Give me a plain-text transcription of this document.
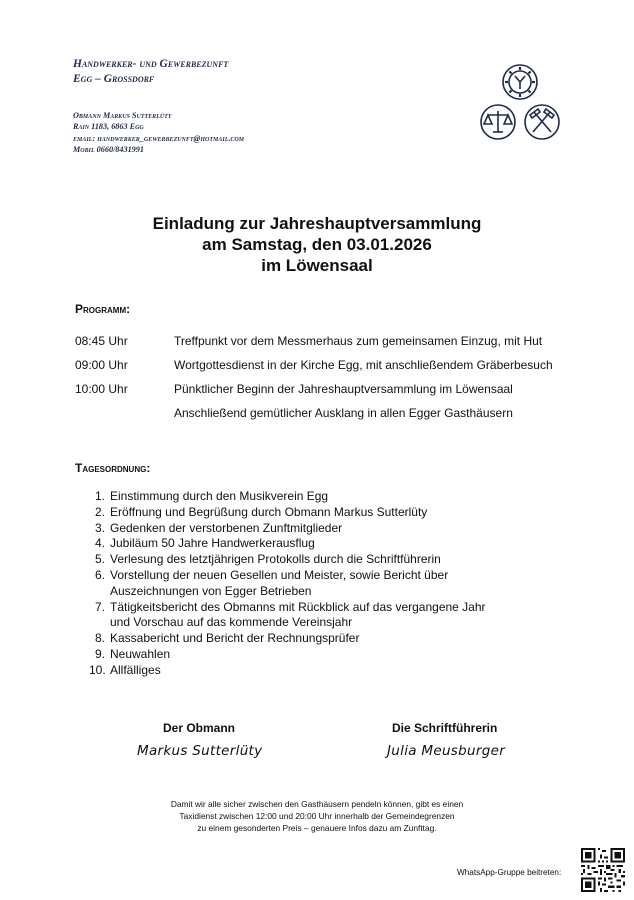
Handwerker- und Gewerbezunft
Egg – Großdorf
Obmann Markus Sutterlüty
Rain 1183, 6863 Egg
email: handwerker_gewerbezunft@hotmail.com
Mobil 0660/8431991
Einladung zur Jahreshauptversammlung
am Samstag, den 03.01.2026
im Löwensaal
Programm:
08:45 Uhr	Treffpunkt vor dem Messmerhaus zum gemeinsamen Einzug, mit Hut
09:00 Uhr	Wortgottesdienst in der Kirche Egg, mit anschließendem Gräberbesuch
10:00 Uhr	Pünktlicher Beginn der Jahreshauptversammlung im Löwensaal
Anschließend gemütlicher Ausklang in allen Egger Gasthäusern
Tagesordnung:
1. Einstimmung durch den Musikverein Egg
2. Eröffnung und Begrüßung durch Obmann Markus Sutterlüty
3. Gedenken der verstorbenen Zunftmitglieder
4. Jubiläum 50 Jahre Handwerkerausflug
5. Verlesung des letztjährigen Protokolls durch die Schriftführerin
6. Vorstellung der neuen Gesellen und Meister, sowie Bericht über
Auszeichnungen von Egger Betrieben
7. Tätigkeitsbericht des Obmanns mit Rückblick auf das vergangene Jahr
und Vorschau auf das kommende Vereinsjahr
8. Kassabericht und Bericht der Rechnungsprüfer
9. Neuwahlen
10. Allfälliges
Der Obmann
Markus Sutterlüty
Die Schriftführerin
Julia Meusburger
Damit wir alle sicher zwischen den Gasthäusern pendeln können, gibt es einen
Taxidienst zwischen 12:00 und 20:00 Uhr innerhalb der Gemeindegrenzen
zu einem gesonderten Preis – genauere Infos dazu am Zunfttag.
WhatsApp-Gruppe beitreten:
